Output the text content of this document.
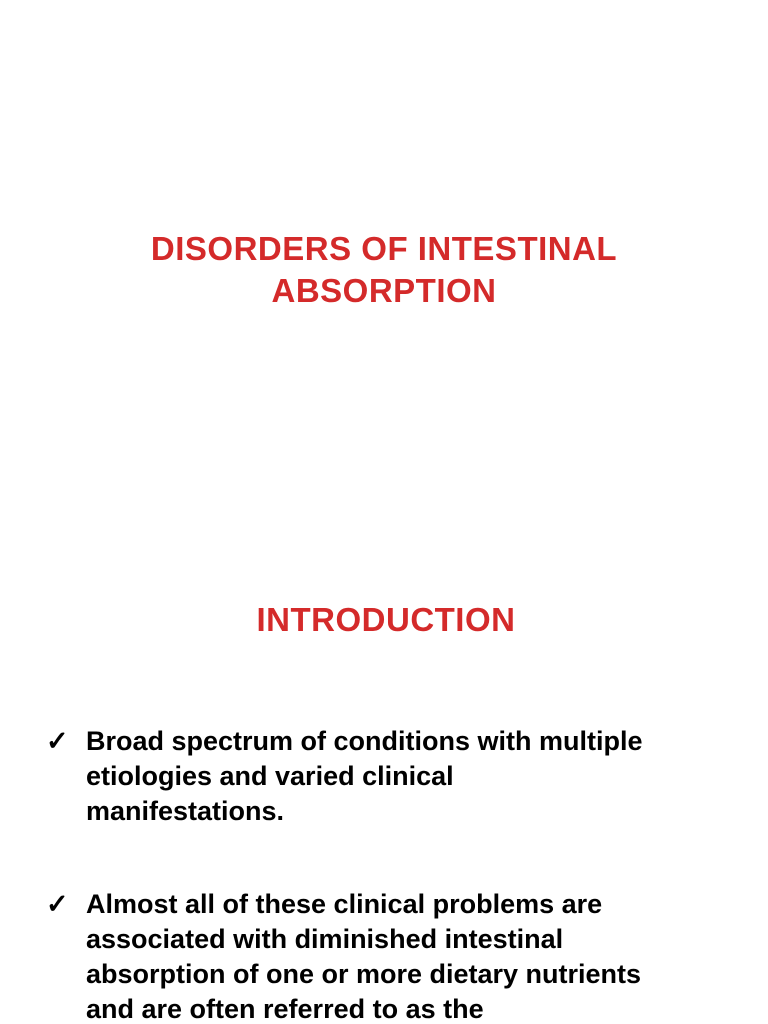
DISORDERS OF INTESTINAL
ABSORPTION
INTRODUCTION
✓ Broad spectrum of conditions with multiple
etiologies and varied clinical
manifestations.
✓ Almost all of these clinical problems are
associated with diminished intestinal
absorption of one or more dietary nutrients
and are often referred to as the
